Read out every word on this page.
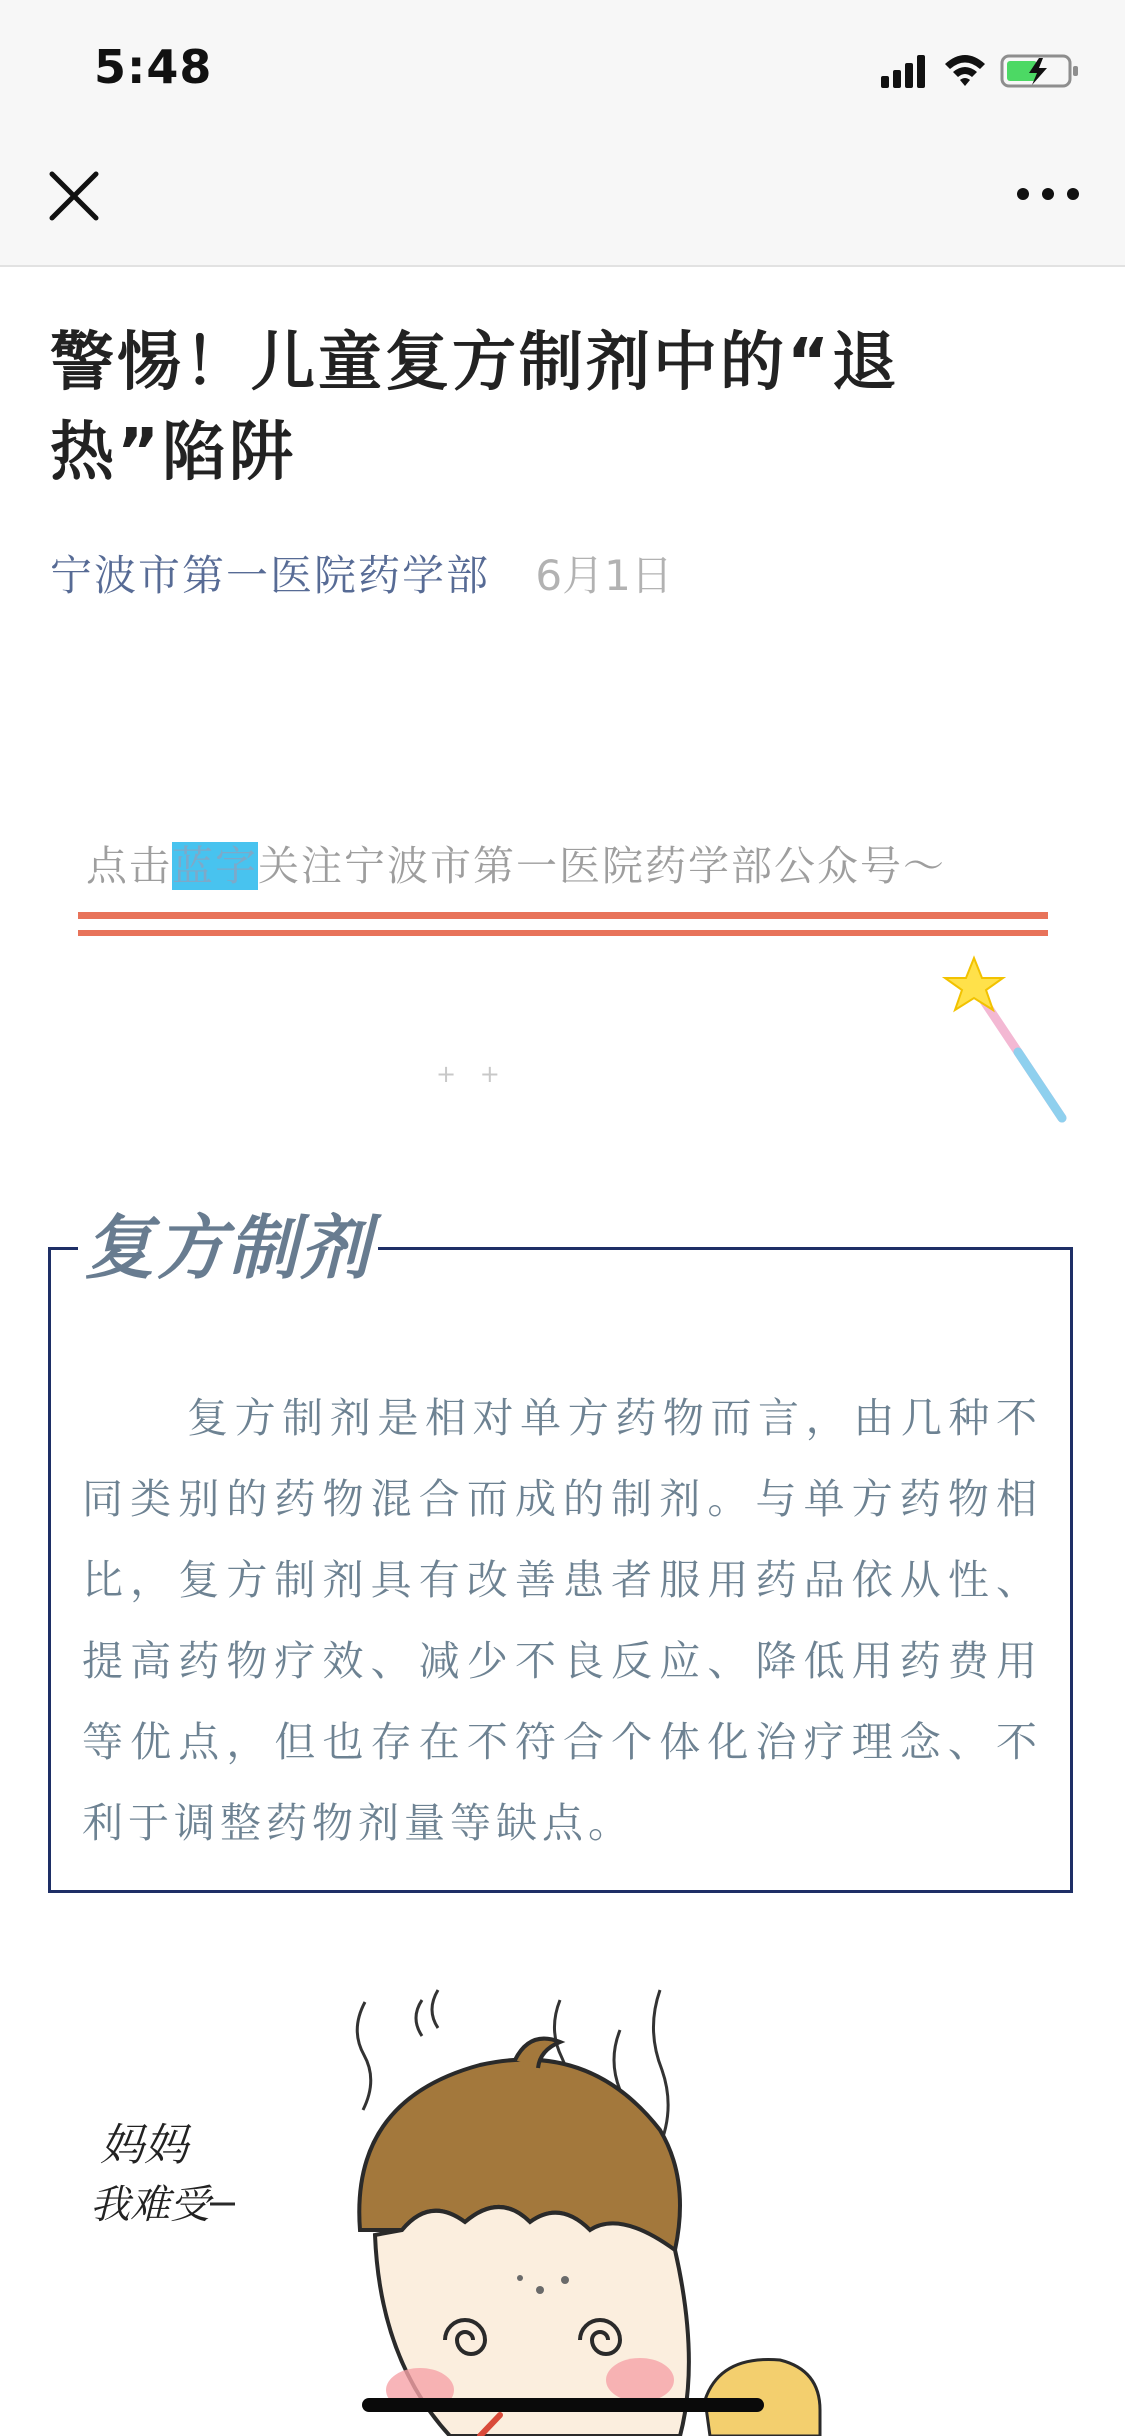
5:48
警惕！儿童复方制剂中的“退热”陷阱
宁波市第一医院药学部 6月1日
点击蓝字关注宁波市第一医院药学部公众号～
+ +
复方制剂

复方制剂是相对单方药物而言，由几种不同类别的药物混合而成的制剂。与单方药物相比，复方制剂具有改善患者服用药品依从性、提高药物疗效、减少不良反应、降低用药费用等优点，但也存在不符合个体化治疗理念、不利于调整药物剂量等缺点。

妈妈
我难受
